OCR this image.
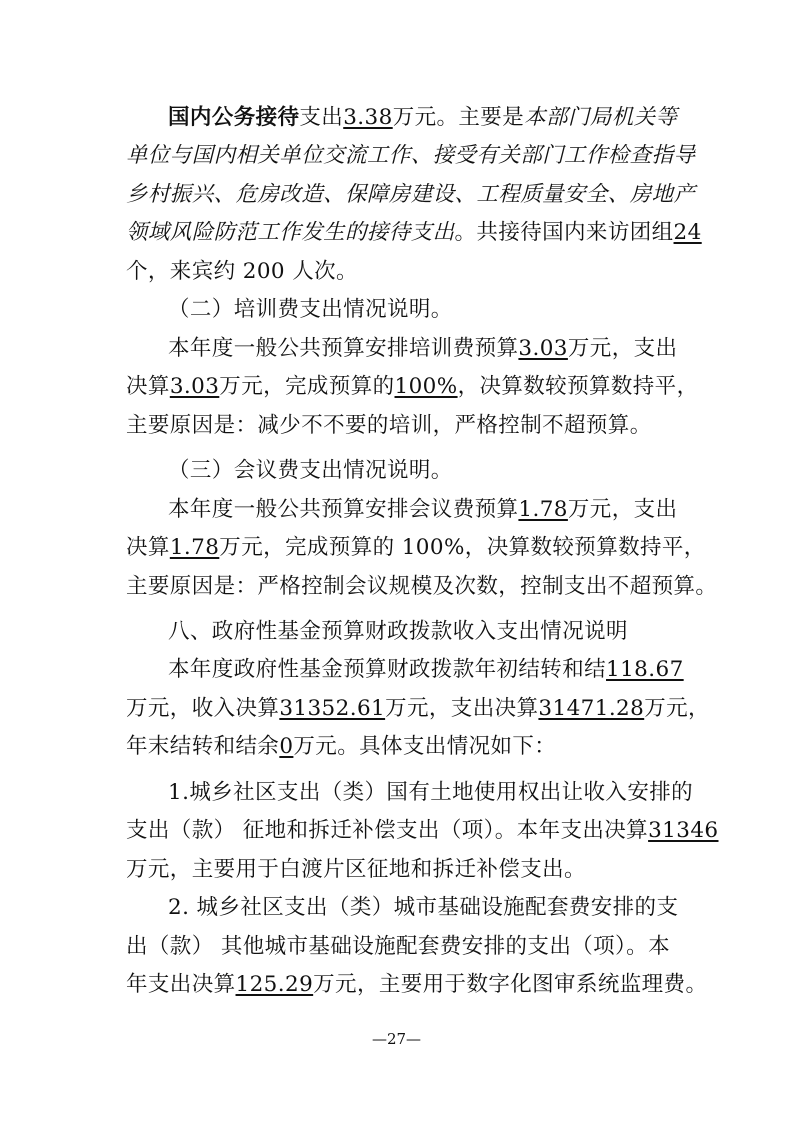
国内公务接待支出3.38万元。主要是本部门局机关等
单位与国内相关单位交流工作、接受有关部门工作检查指导
乡村振兴、危房改造、保障房建设、工程质量安全、房地产
领域风险防范工作发生的接待支出。共接待国内来访团组24
个，来宾约 200 人次。
（二）培训费支出情况说明。
本年度一般公共预算安排培训费预算3.03万元，支出
决算3.03万元，完成预算的100%，决算数较预算数持平，
主要原因是：减少不不要的培训，严格控制不超预算。
（三）会议费支出情况说明。
本年度一般公共预算安排会议费预算1.78万元，支出
决算1.78万元，完成预算的 100%，决算数较预算数持平，
主要原因是：严格控制会议规模及次数，控制支出不超预算。
八、政府性基金预算财政拨款收入支出情况说明
本年度政府性基金预算财政拨款年初结转和结118.67
万元，收入决算31352.61万元，支出决算31471.28万元，
年末结转和结余0万元。具体支出情况如下：
1.城乡社区支出（类）国有土地使用权出让收入安排的
支出（款） 征地和拆迁补偿支出（项）。本年支出决算31346
万元，主要用于白渡片区征地和拆迁补偿支出。
2. 城乡社区支出（类）城市基础设施配套费安排的支
出（款） 其他城市基础设施配套费安排的支出（项）。本
年支出决算125.29万元，主要用于数字化图审系统监理费。
—27—
